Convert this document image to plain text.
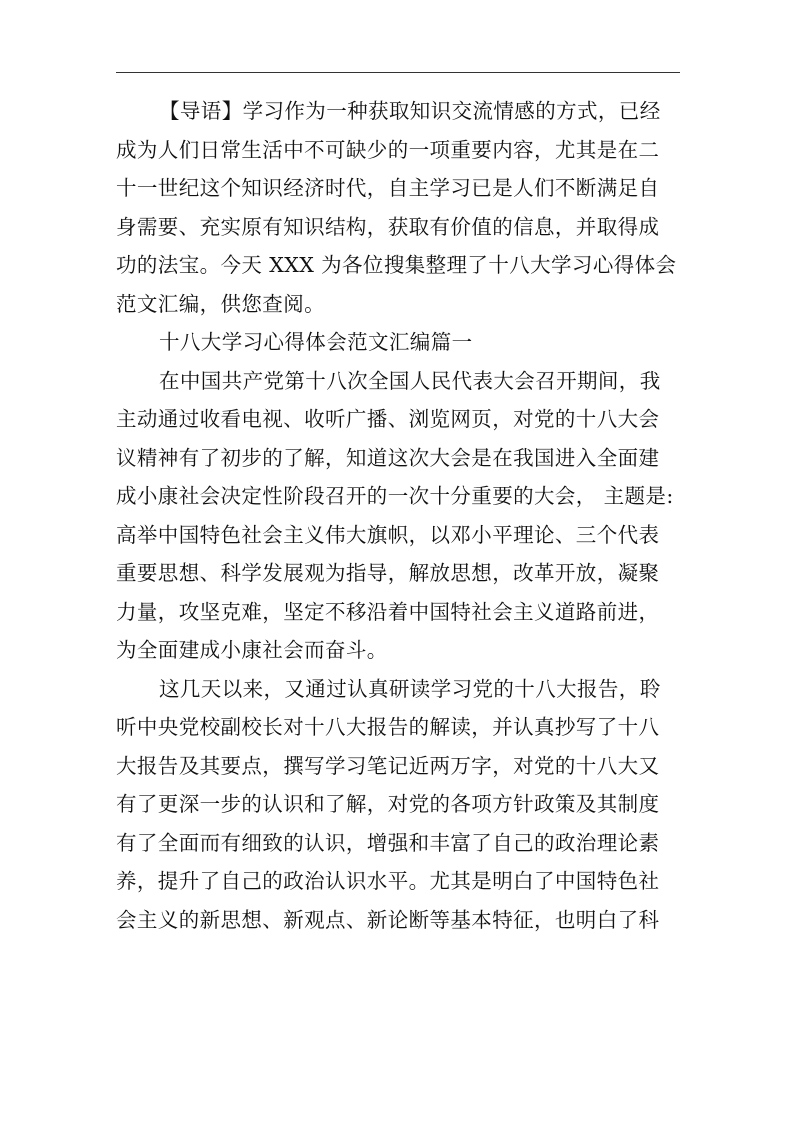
【导语】学习作为一种获取知识交流情感的方式，已经
成为人们日常生活中不可缺少的一项重要内容，尤其是在二
十一世纪这个知识经济时代，自主学习已是人们不断满足自
身需要、充实原有知识结构，获取有价值的信息，并取得成
功的法宝。今天 XXX 为各位搜集整理了十八大学习心得体会
范文汇编，供您查阅。
十八大学习心得体会范文汇编篇一
在中国共产党第十八次全国人民代表大会召开期间，我
主动通过收看电视、收听广播、浏览网页，对党的十八大会
议精神有了初步的了解，知道这次大会是在我国进入全面建
成小康社会决定性阶段召开的一次十分重要的大会， 主题是:
高举中国特色社会主义伟大旗帜，以邓小平理论、三个代表
重要思想、科学发展观为指导，解放思想，改革开放，凝聚
力量，攻坚克难，坚定不移沿着中国特社会主义道路前进，
为全面建成小康社会而奋斗。
这几天以来，又通过认真研读学习党的十八大报告，聆
听中央党校副校长对十八大报告的解读，并认真抄写了十八
大报告及其要点，撰写学习笔记近两万字，对党的十八大又
有了更深一步的认识和了解，对党的各项方针政策及其制度
有了全面而有细致的认识，增强和丰富了自己的政治理论素
养，提升了自己的政治认识水平。尤其是明白了中国特色社
会主义的新思想、新观点、新论断等基本特征，也明白了科
